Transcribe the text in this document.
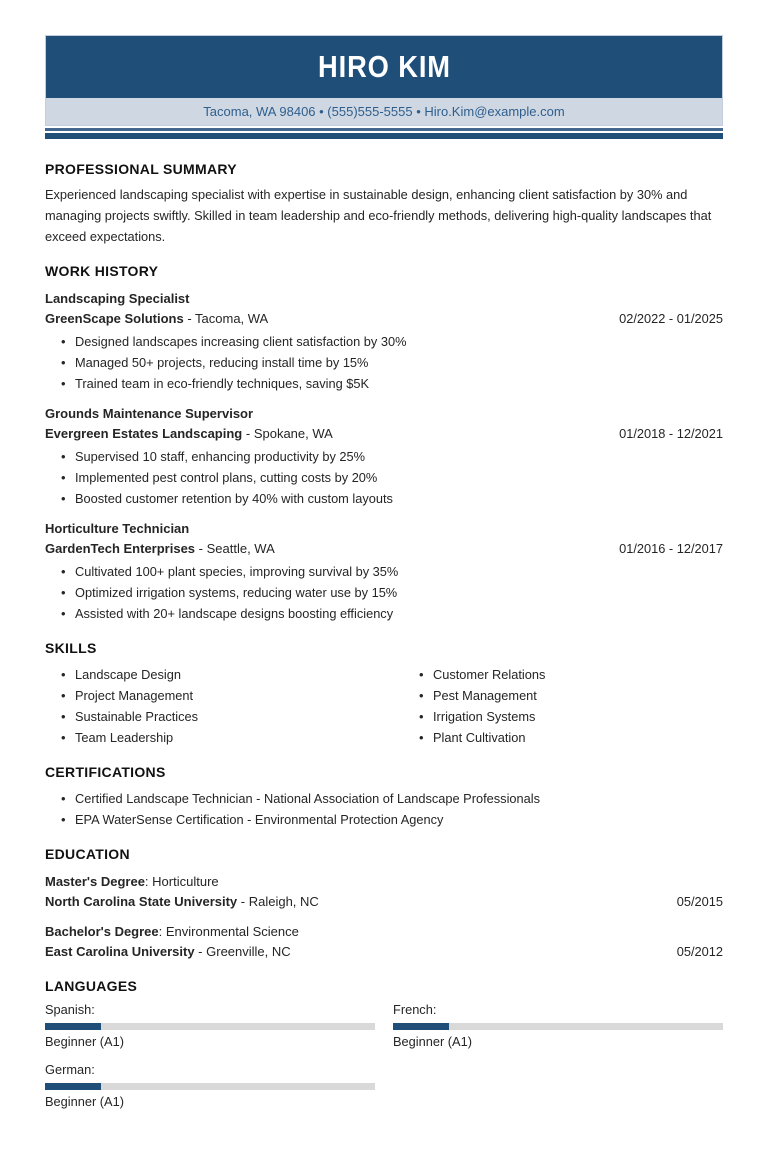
HIRO KIM
Tacoma, WA 98406 • (555)555-5555 • Hiro.Kim@example.com
PROFESSIONAL SUMMARY
Experienced landscaping specialist with expertise in sustainable design, enhancing client satisfaction by 30% and managing projects swiftly. Skilled in team leadership and eco-friendly methods, delivering high-quality landscapes that exceed expectations.
WORK HISTORY
Landscaping Specialist
GreenScape Solutions - Tacoma, WA	02/2022 - 01/2025
• Designed landscapes increasing client satisfaction by 30%
• Managed 50+ projects, reducing install time by 15%
• Trained team in eco-friendly techniques, saving $5K
Grounds Maintenance Supervisor
Evergreen Estates Landscaping - Spokane, WA	01/2018 - 12/2021
• Supervised 10 staff, enhancing productivity by 25%
• Implemented pest control plans, cutting costs by 20%
• Boosted customer retention by 40% with custom layouts
Horticulture Technician
GardenTech Enterprises - Seattle, WA	01/2016 - 12/2017
• Cultivated 100+ plant species, improving survival by 35%
• Optimized irrigation systems, reducing water use by 15%
• Assisted with 20+ landscape designs boosting efficiency
SKILLS
• Landscape Design
• Project Management
• Sustainable Practices
• Team Leadership
• Customer Relations
• Pest Management
• Irrigation Systems
• Plant Cultivation
CERTIFICATIONS
• Certified Landscape Technician - National Association of Landscape Professionals
• EPA WaterSense Certification - Environmental Protection Agency
EDUCATION
Master's Degree: Horticulture
North Carolina State University - Raleigh, NC	05/2015
Bachelor's Degree: Environmental Science
East Carolina University - Greenville, NC	05/2012
LANGUAGES
Spanish:
Beginner (A1)
French:
Beginner (A1)
German:
Beginner (A1)
